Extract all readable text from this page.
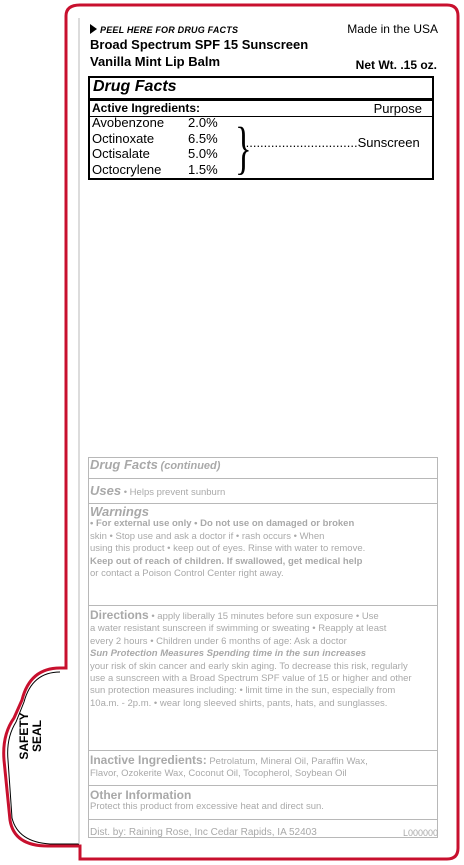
PEEL HERE FOR DRUG FACTS	Made in the USA
Broad Spectrum SPF 15 Sunscreen
Vanilla Mint Lip Balm	Net Wt. .15 oz.
Drug Facts
Active Ingredients:	Purpose
Avobenzone 2.0%
Octinoxate	6.5%
Octisalate	5.0%
Octocrylene 1.5% }
................................Sunscreen
Drug Facts (continued)
Uses • Helps prevent sunburn
Warnings
• For external use only • Do not use on damaged or broken
skin • Stop use and ask a doctor if • rash occurs • When
using this product • keep out of eyes. Rinse with water to remove.
Keep out of reach of children. If swallowed, get medical help
or contact a Poison Control Center right away.
Directions • apply liberally 15 minutes before sun exposure • Use
a water resistant sunscreen if swimming or sweating • Reapply at least
every 2 hours • Children under 6 months of age: Ask a doctor
Sun Protection Measures Spending time in the sun increases
your risk of skin cancer and early skin aging. To decrease this risk, regularly
use a sunscreen with a Broad Spectrum SPF value of 15 or higher and other
sun protection measures including: • limit time in the sun, especially from
10a.m. - 2p.m. • wear long sleeved shirts, pants, hats, and sunglasses.
Inactive Ingredients: Petrolatum, Mineral Oil, Paraffin Wax,
Flavor, Ozokerite Wax, Coconut Oil, Tocopherol, Soybean Oil
Other Information
Protect this product from excessive heat and direct sun.
Dist. by: Raining Rose, Inc Cedar Rapids, IA 52403	L000000
SAFETY SEAL
